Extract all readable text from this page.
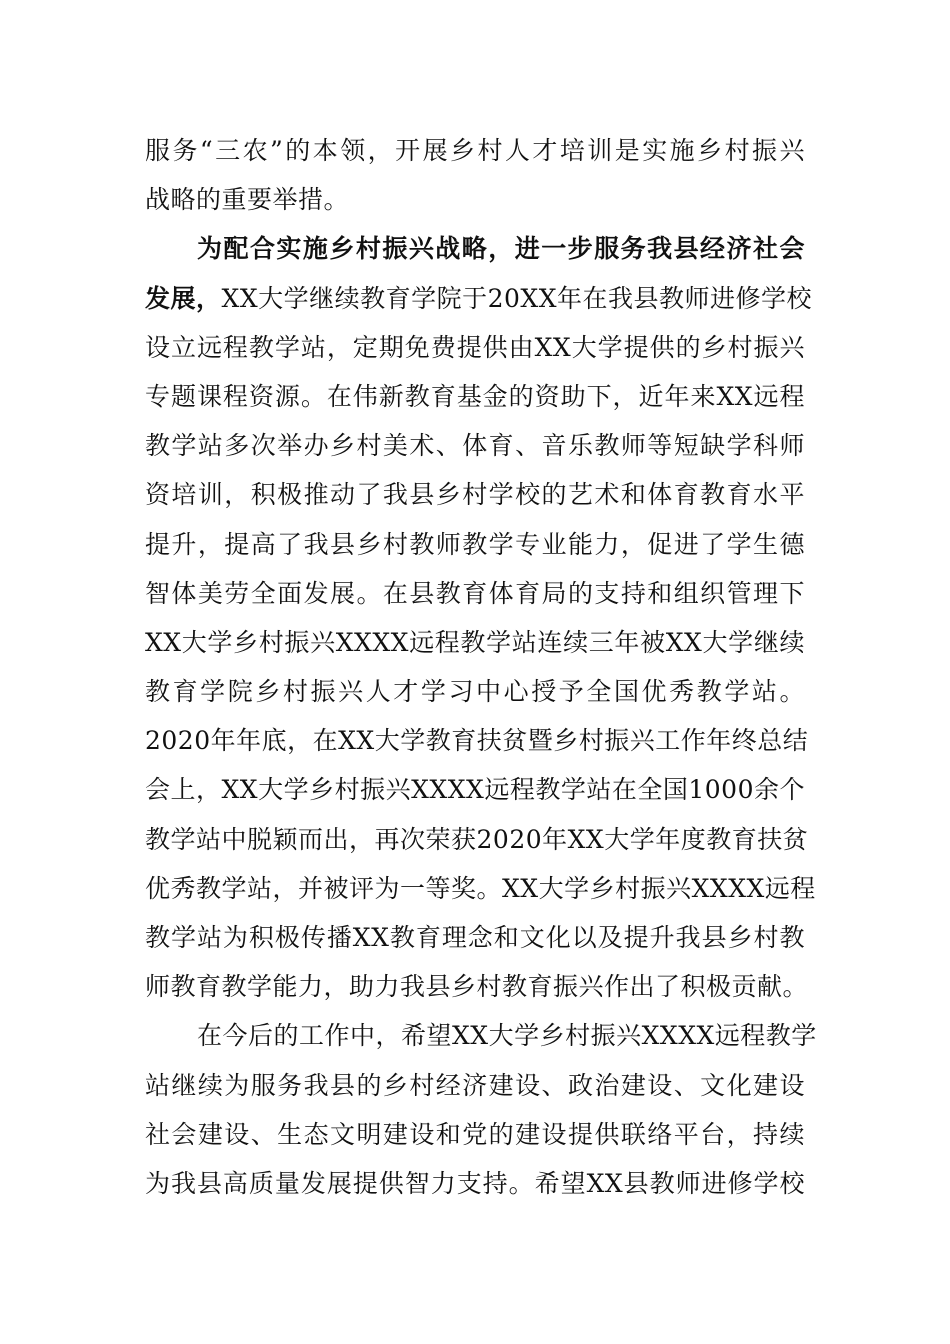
服务“三农”的本领，开展乡村人才培训是实施乡村振兴
战略的重要举措。
为配合实施乡村振兴战略，进一步服务我县经济社会
发展，XX大学继续教育学院于20XX年在我县教师进修学校
设立远程教学站，定期免费提供由XX大学提供的乡村振兴
专题课程资源。在伟新教育基金的资助下，近年来XX远程
教学站多次举办乡村美术、体育、音乐教师等短缺学科师
资培训，积极推动了我县乡村学校的艺术和体育教育水平
提升，提高了我县乡村教师教学专业能力，促进了学生德
智体美劳全面发展。在县教育体育局的支持和组织管理下
XX大学乡村振兴XXXX远程教学站连续三年被XX大学继续
教育学院乡村振兴人才学习中心授予全国优秀教学站。
2020年年底，在XX大学教育扶贫暨乡村振兴工作年终总结
会上，XX大学乡村振兴XXXX远程教学站在全国1000余个
教学站中脱颖而出，再次荣获2020年XX大学年度教育扶贫
优秀教学站，并被评为一等奖。XX大学乡村振兴XXXX远程
教学站为积极传播XX教育理念和文化以及提升我县乡村教
师教育教学能力，助力我县乡村教育振兴作出了积极贡献。
在今后的工作中，希望XX大学乡村振兴XXXX远程教学
站继续为服务我县的乡村经济建设、政治建设、文化建设
社会建设、生态文明建设和党的建设提供联络平台，持续
为我县高质量发展提供智力支持。希望XX县教师进修学校
